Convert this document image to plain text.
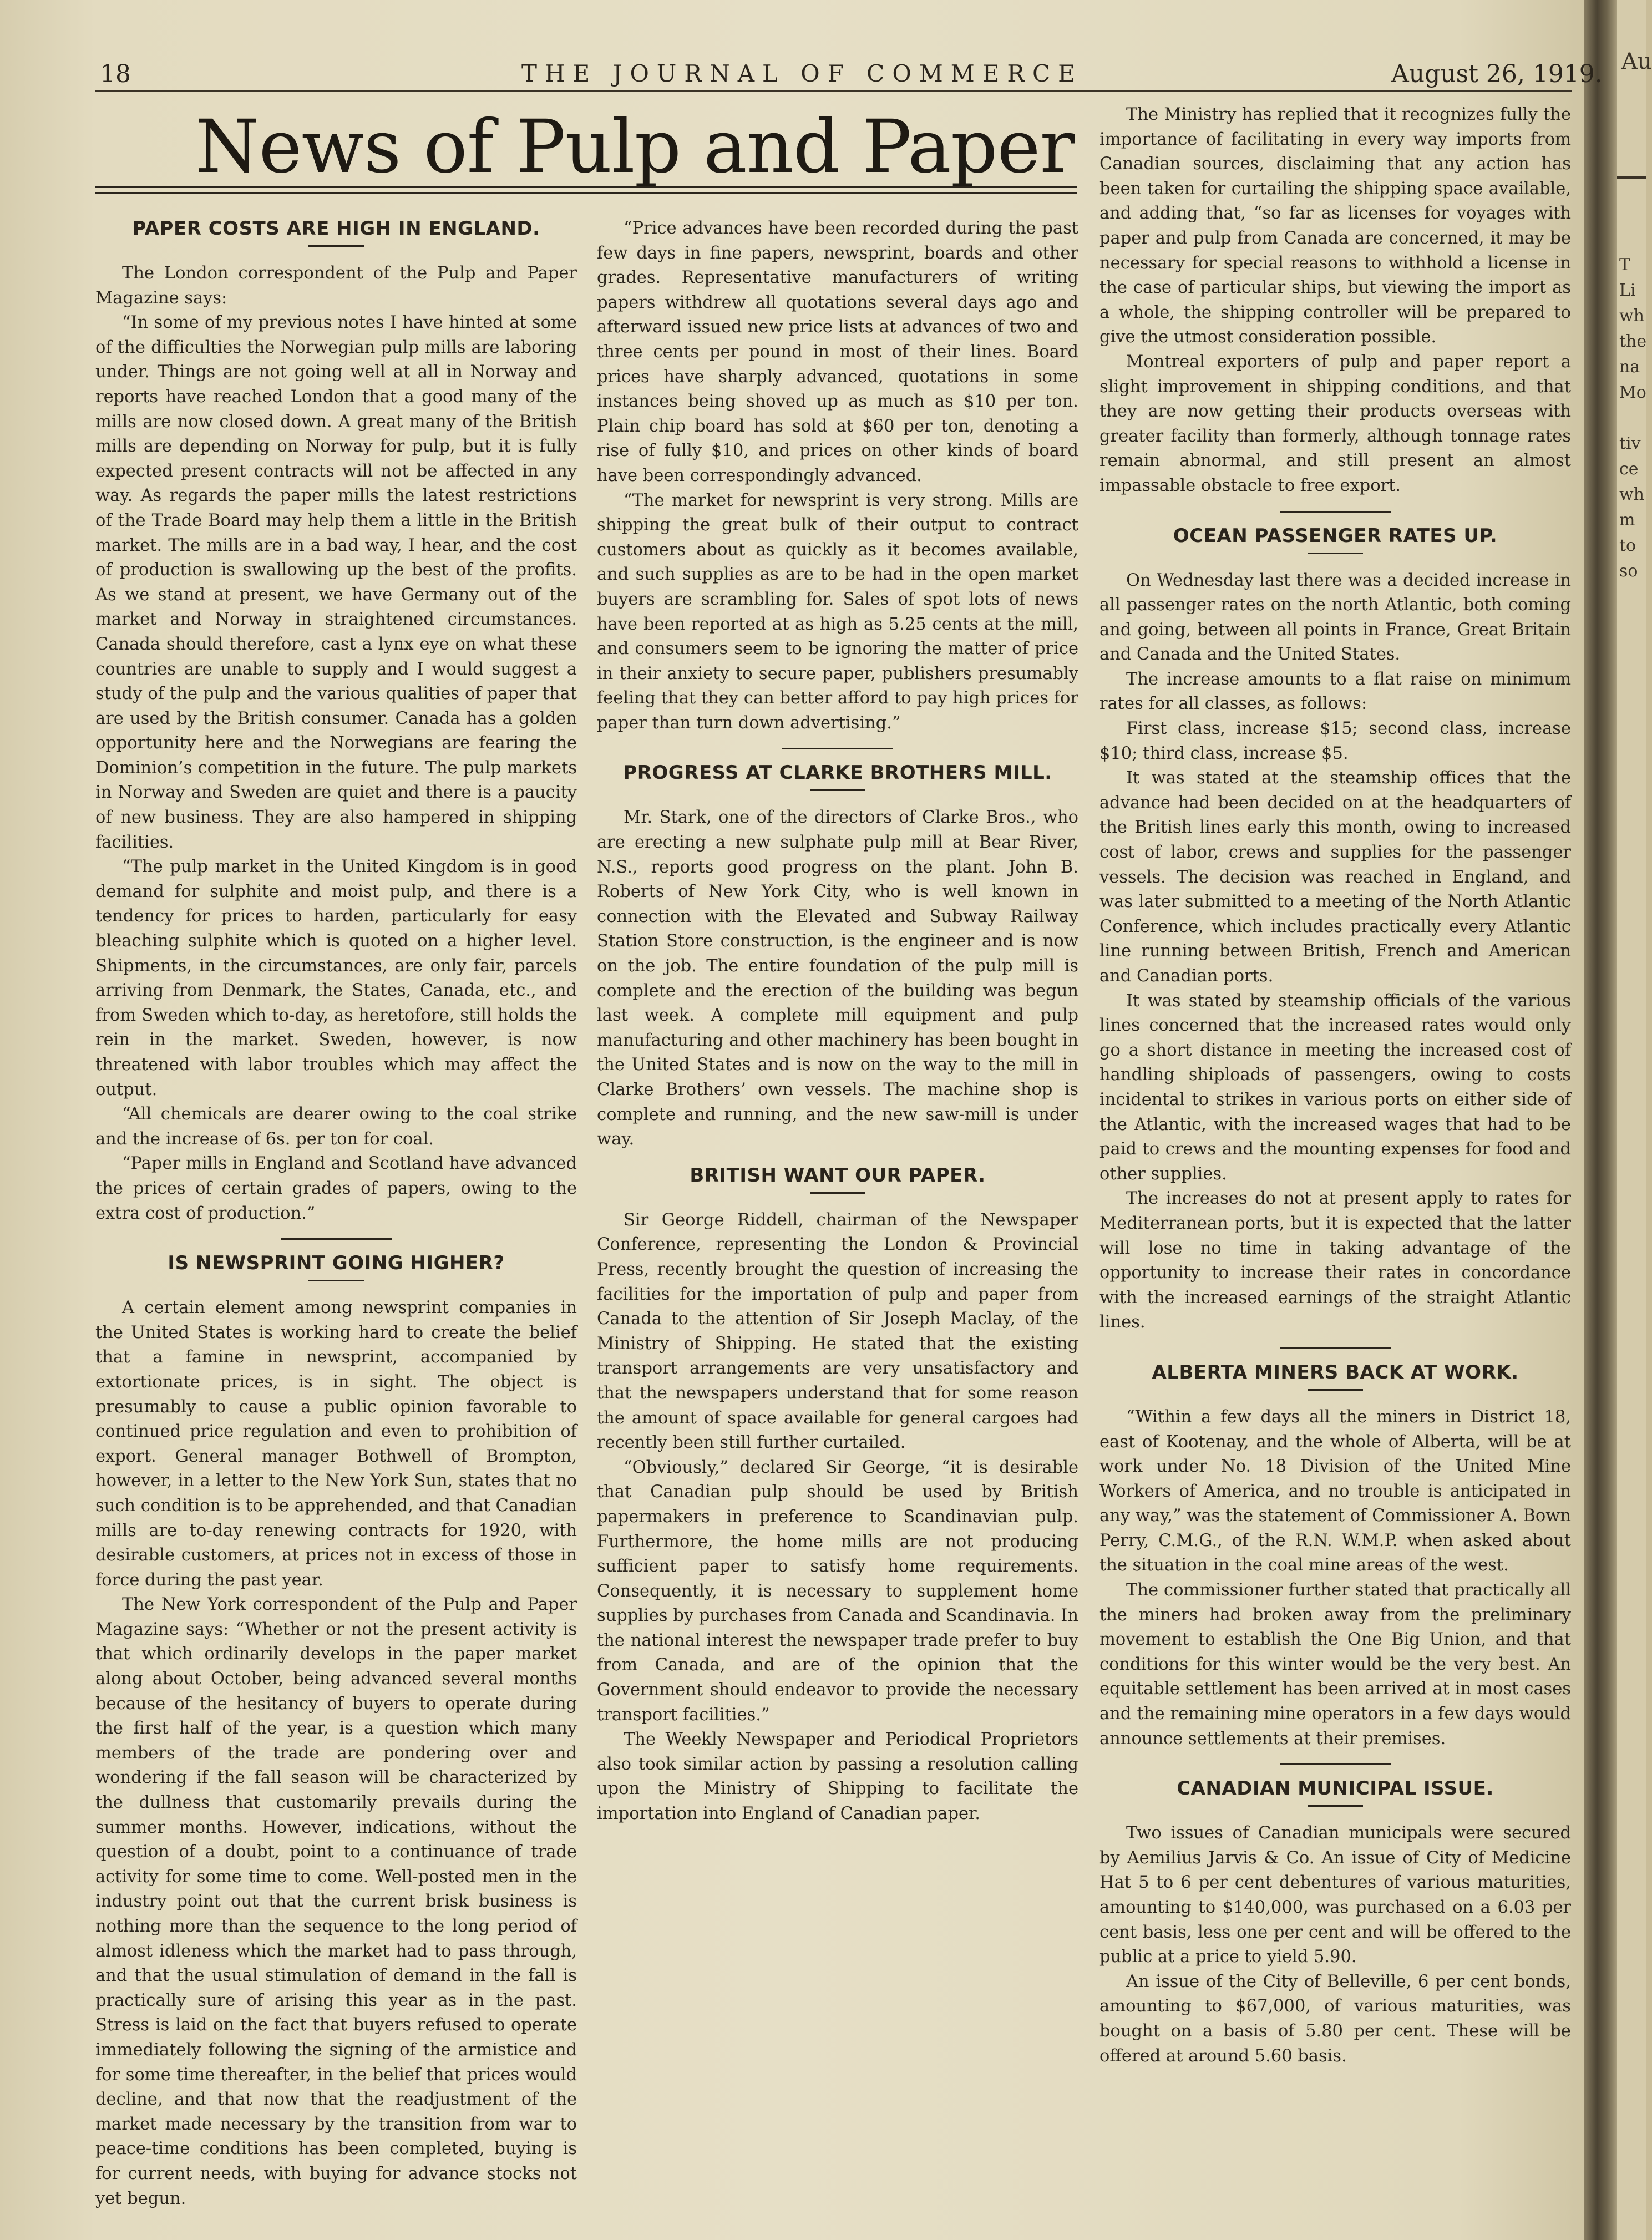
Au
T
Li
wh
the
na
Mo

tiv
ce
wh
m
to
so
18	THE JOURNAL OF COMMERCE	August 26, 1919.
News of Pulp and Paper
PAPER COSTS ARE HIGH IN ENGLAND.

The London correspondent of the Pulp and Paper Magazine says:

“In some of my previous notes I have hinted at some of the difficulties the Norwegian pulp mills are laboring under. Things are not going well at all in Norway and reports have reached London that a good many of the mills are now closed down. A great many of the British mills are depending on Norway for pulp, but it is fully expected present contracts will not be affected in any way. As regards the paper mills the latest restrictions of the Trade Board may help them a little in the British market. The mills are in a bad way, I hear, and the cost of production is swallowing up the best of the profits. As we stand at present, we have Germany out of the market and Norway in straightened circumstances. Canada should therefore, cast a lynx eye on what these countries are unable to supply and I would suggest a study of the pulp and the various qualities of paper that are used by the British consumer. Canada has a golden opportunity here and the Norwegians are fearing the Dominion’s competition in the future. The pulp markets in Norway and Sweden are quiet and there is a paucity of new business. They are also hampered in shipping facilities.

“The pulp market in the United Kingdom is in good demand for sulphite and moist pulp, and there is a tendency for prices to harden, particularly for easy bleaching sulphite which is quoted on a higher level. Shipments, in the circumstances, are only fair, parcels arriving from Denmark, the States, Canada, etc., and from Sweden which to-day, as heretofore, still holds the rein in the market. Sweden, however, is now threatened with labor troubles which may affect the output.

“All chemicals are dearer owing to the coal strike and the increase of 6s. per ton for coal.

“Paper mills in England and Scotland have advanced the prices of certain grades of papers, owing to the extra cost of production.”

IS NEWSPRINT GOING HIGHER?

A certain element among newsprint companies in the United States is working hard to create the belief that a famine in newsprint, accompanied by extortionate prices, is in sight. The object is presumably to cause a public opinion favorable to continued price regulation and even to prohibition of export. General manager Bothwell of Brompton, however, in a letter to the New York Sun, states that no such condition is to be apprehended, and that Canadian mills are to-day renewing contracts for 1920, with desirable customers, at prices not in excess of those in force during the past year.

The New York correspondent of the Pulp and Paper Magazine says: “Whether or not the present activity is that which ordinarily develops in the paper market along about October, being advanced several months because of the hesitancy of buyers to operate during the first half of the year, is a question which many members of the trade are pondering over and wondering if the fall season will be characterized by the dullness that customarily prevails during the summer months. However, indications, without the question of a doubt, point to a continuance of trade activity for some time to come. Well-posted men in the industry point out that the current brisk business is nothing more than the sequence to the long period of almost idleness which the market had to pass through, and that the usual stimulation of demand in the fall is practically sure of arising this year as in the past. Stress is laid on the fact that buyers refused to operate immediately following the signing of the armistice and for some time thereafter, in the belief that prices would decline, and that now that the readjustment of the market made necessary by the transition from war to peace-time conditions has been completed, buying is for current needs, with buying for advance stocks not yet begun.

“Price advances have been recorded during the past few days in fine papers, newsprint, boards and other grades. Representative manufacturers of writing papers withdrew all quotations several days ago and afterward issued new price lists at advances of two and three cents per pound in most of their lines. Board prices have sharply advanced, quotations in some instances being shoved up as much as $10 per ton. Plain chip board has sold at $60 per ton, denoting a rise of fully $10, and prices on other kinds of board have been correspondingly advanced.

“The market for newsprint is very strong. Mills are shipping the great bulk of their output to contract customers about as quickly as it becomes available, and such supplies as are to be had in the open market buyers are scrambling for. Sales of spot lots of news have been reported at as high as 5.25 cents at the mill, and consumers seem to be ignoring the matter of price in their anxiety to secure paper, publishers presumably feeling that they can better afford to pay high prices for paper than turn down advertising.”

PROGRESS AT CLARKE BROTHERS MILL.

Mr. Stark, one of the directors of Clarke Bros., who are erecting a new sulphate pulp mill at Bear River, N.S., reports good progress on the plant. John B. Roberts of New York City, who is well known in connection with the Elevated and Subway Railway Station Store construction, is the engineer and is now on the job. The entire foundation of the pulp mill is complete and the erection of the building was begun last week. A complete mill equipment and pulp manufacturing and other machinery has been bought in the United States and is now on the way to the mill in Clarke Brothers’ own vessels. The machine shop is complete and running, and the new saw-mill is under way.

BRITISH WANT OUR PAPER.

Sir George Riddell, chairman of the Newspaper Conference, representing the London & Provincial Press, recently brought the question of increasing the facilities for the importation of pulp and paper from Canada to the attention of Sir Joseph Maclay, of the Ministry of Shipping. He stated that the existing transport arrangements are very unsatisfactory and that the newspapers understand that for some reason the amount of space available for general cargoes had recently been still further curtailed.

“Obviously,” declared Sir George, “it is desirable that Canadian pulp should be used by British papermakers in preference to Scandinavian pulp. Furthermore, the home mills are not producing sufficient paper to satisfy home requirements. Consequently, it is necessary to supplement home supplies by purchases from Canada and Scandinavia. In the national interest the newspaper trade prefer to buy from Canada, and are of the opinion that the Government should endeavor to provide the necessary transport facilities.”

The Weekly Newspaper and Periodical Proprietors also took similar action by passing a resolution calling upon the Ministry of Shipping to facilitate the importation into England of Canadian paper.

The Ministry has replied that it recognizes fully the importance of facilitating in every way imports from Canadian sources, disclaiming that any action has been taken for curtailing the shipping space available, and adding that, “so far as licenses for voyages with paper and pulp from Canada are concerned, it may be necessary for special reasons to withhold a license in the case of particular ships, but viewing the import as a whole, the shipping controller will be prepared to give the utmost consideration possible.

Montreal exporters of pulp and paper report a slight improvement in shipping conditions, and that they are now getting their products overseas with greater facility than formerly, although tonnage rates remain abnormal, and still present an almost impassable obstacle to free export.

OCEAN PASSENGER RATES UP.

On Wednesday last there was a decided increase in all passenger rates on the north Atlantic, both coming and going, between all points in France, Great Britain and Canada and the United States.

The increase amounts to a flat raise on minimum rates for all classes, as follows:

First class, increase $15; second class, increase $10; third class, increase $5.

It was stated at the steamship offices that the advance had been decided on at the headquarters of the British lines early this month, owing to increased cost of labor, crews and supplies for the passenger vessels. The decision was reached in England, and was later submitted to a meeting of the North Atlantic Conference, which includes practically every Atlantic line running between British, French and American and Canadian ports.

It was stated by steamship officials of the various lines concerned that the increased rates would only go a short distance in meeting the increased cost of handling shiploads of passengers, owing to costs incidental to strikes in various ports on either side of the Atlantic, with the increased wages that had to be paid to crews and the mounting expenses for food and other supplies.

The increases do not at present apply to rates for Mediterranean ports, but it is expected that the latter will lose no time in taking advantage of the opportunity to increase their rates in concordance with the increased earnings of the straight Atlantic lines.

ALBERTA MINERS BACK AT WORK.

“Within a few days all the miners in District 18, east of Kootenay, and the whole of Alberta, will be at work under No. 18 Division of the United Mine Workers of America, and no trouble is anticipated in any way,” was the statement of Commissioner A. Bown Perry, C.M.G., of the R.N. W.M.P. when asked about the situation in the coal mine areas of the west.

The commissioner further stated that practically all the miners had broken away from the preliminary movement to establish the One Big Union, and that conditions for this winter would be the very best. An equitable settlement has been arrived at in most cases and the remaining mine operators in a few days would announce settlements at their premises.

CANADIAN MUNICIPAL ISSUE.

Two issues of Canadian municipals were secured by Aemilius Jarvis & Co. An issue of City of Medicine Hat 5 to 6 per cent debentures of various maturities, amounting to $140,000, was purchased on a 6.03 per cent basis, less one per cent and will be offered to the public at a price to yield 5.90.

An issue of the City of Belleville, 6 per cent bonds, amounting to $67,000, of various maturities, was bought on a basis of 5.80 per cent. These will be offered at around 5.60 basis.
